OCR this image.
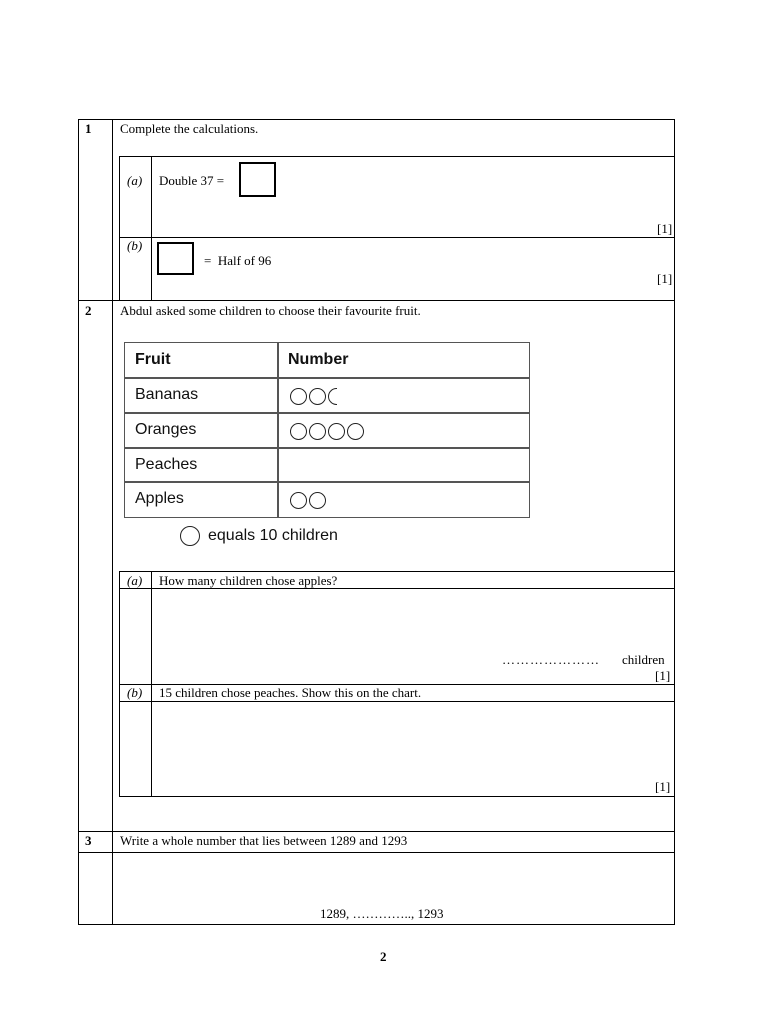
1 Complete the calculations.
(a) Double 37 =
[1]
(b)
=  Half of 96
[1]
2 Abdul asked some children to choose their favourite fruit.
Fruit	Number
Bananas
Oranges
Peaches
Apples
equals 10 children
(a) How many children chose apples?
………………… children
[1]
(b) 15 children chose peaches. Show this on the chart.
[1]
3 Write a whole number that lies between 1289 and 1293
1289, ………….., 1293
2
